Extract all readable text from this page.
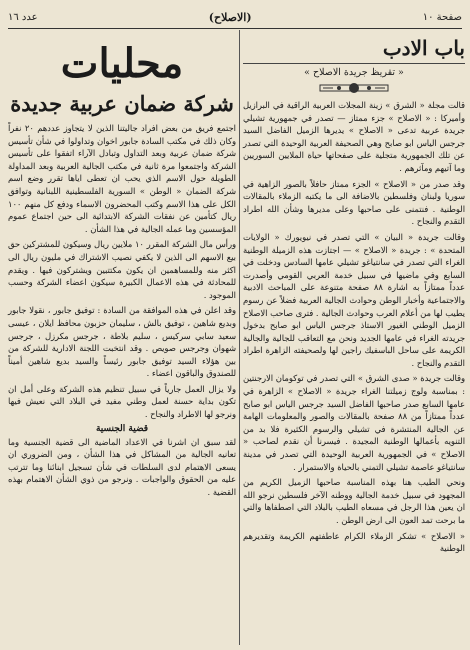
صفحة ١٠
(الاصلاح)
عدد ١٦
باب الادب
« تقريظ جريدة الاصلاح »

قالت مجلة « الشرق » زينة المجلات العربية الراقية في البرازيل وأميركا : « الاصلاح » جزء ممتاز — تصدر في جمهورية تشيلي جريدة عربية تدعى « الاصلاح » يديرها الزميل الفاضل السيد جرجس الياس ابو صابح وهي الصحيفة العربية الوحيدة التي تصدر عن تلك الجمهورية متجلية على صفحاتها حياة الملايين السوريين وما آتيهم ومآثرهم .

وقد صدر من « الاصلاح » الجزء ممتاز حافلاً بالصور الزاهية في سوريا ولبنان وفلسطين بالاضافة الى ما يكتبه الزملاء بالمقالات الوطنية . فنتمنى على صاحبها وعلى مديرها وشأن الله اطراد التقدم والنجاح .

وقالت جريدة « البيان » التي تصدر في نيويورك « الولايات المتحدة » : جريدة « الاصلاح » — اجتازت هذه الزميلة الوطنية الغراء التي تصدر في سانتياغو تشيلي عامها السادس ودخلت في السابع وفي ماضيها في سبيل خدمة العربي القومي وأصدرت عدداً ممتازاً به اشارة ٨٨ صفحة متنوعة على المباحث الادبية والاجتماعية وأخبار الوطن وحوادث الجالية العربية فضلاً عن رسوم يطيب لها من أعلام العرب وحوادث الجالية . فترى صاحب الاصلاح الزميل الوطني الغيور الاستاذ جرجس الياس ابو صابح بدخول جريدته الغراء في عامها الجديد ونحن مع التعاقب للجالية والجالية الكريمة على ساحل الباسفيك راجين لها ولصحيفته الزاهرة اطراد التقدم والنجاح .

وقالت جريدة « صدى الشرق » التي تصدر في توكومان الارجنتين : بمناسبة ولوج زميلتنا الغراء جريدة « الاصلاح » الزاهرة في عامها السابع صدر صاحبها الفاضل السيد جرجس الياس ابو صابح عدداً ممتازاً من ٨٨ صفحة بالمقالات والصور والمعلومات الهامة عن الجالية المنتشرة في تشيلي والرسوم الكثيرة فلا بد من التنويه بأعمالها الوطنية المجيدة . فيسرنا أن نقدم لصاحب « الاصلاح » في الجمهورية العربية الوحيدة التي تصدر في مدينة سانتياغو عاصمة تشيلي التمني بالحياة والاستمرار .

ونحي الطيب هنا بهذه المناسبة صاحبها الزميل الكريم من المجهود في سبيل خدمة الجالية ووطنه الآخر فلسطين نرجو الله ان يعين هذا الرجل في مسعاه الطيب بالبلاد التي اصطفاها والتي ما برحت تمد العون الى ارض الوطن .

« الاصلاح » تشكر الزملاء الكرام عاطفتهم الكريمة وتقديرهم الوطنية

محليات
شركة ضمان عربية جديدة

اجتمع فريق من بعض افراد جاليتنا الذين لا يتجاوز عددهم ٢٠ نفراً وكان ذلك في مكتب السادة جابور اخوان وتداولوا في شأن تأسيس شركة ضمان عربية وبعد التداول وتبادل الآراء اتفقوا على تأسيس الشركة واجتمعوا مرة ثانية في مكتب الجالية العربية وبعد المداولة الطويلة حول الاسم الذي يحب ان تعطى اياها تقرر وضع اسم شركة الضمان « الوطن » السورية الفلسطينية اللبنانية وتوافق الكل على هذا الاسم وكتب المحضرون الاسماء ودفع كل منهم ١٠٠ ريال كتأمين عن نفقات الشركة الابتدائية الى حين اجتماع عموم المؤسسين وما عمله الجالية في هذا الشأن .

ورأس مال الشركة المقرر ١٠ ملايين ريال وسيكون للمشتركين حق بيع الاسهم الى الذين لا يكفي نصيب الاشتراك في مليون ريال الى اكثر منه وللمساهمين ان يكون مكتتبين ويشتركون فيها . ويقدم للمحادثة في هذه الاعمال الكبيرة سيكون اعضاء الشركة وحسب الموجود .

وقد اعلن في هذه الموافقة من السادة : توفيق جابور ، نقولا جابور وبديع شاهين ، توفيق بالش ، سليمان حزبون محافظ ايلان ، عيسى سعيد سابي سركيس ، سليم بلاطة ، جرجس مكرزل ، جرجس شهوان وجرجس صويص . وقد انتخبت اللجنة الادارية للشركة من بين هؤلاء السيد توفيق جابور رئيساً والسيد بديع شاهين أميناً للصندوق والباقون اعضاء .

ولا يزال العمل جارياً في سبيل تنظيم هذه الشركة وعلى أمل ان تكون بداية حسنة لعمل وطني مفيد في البلاد التي نعيش فيها ونرجو لها الاطراد والنجاح .

قضية الجنسية

لقد سبق ان اشرنا في الاعداد الماضية الى قضية الجنسية وما تعانيه الجالية من المشاكل في هذا الشأن ، ومن الضروري ان يسعى الاهتمام لدى السلطات في شأن تسجيل ابنائنا وما تترتب عليه من الحقوق والواجبات . ونرجو من ذوي الشأن الاهتمام بهذه القضية .
